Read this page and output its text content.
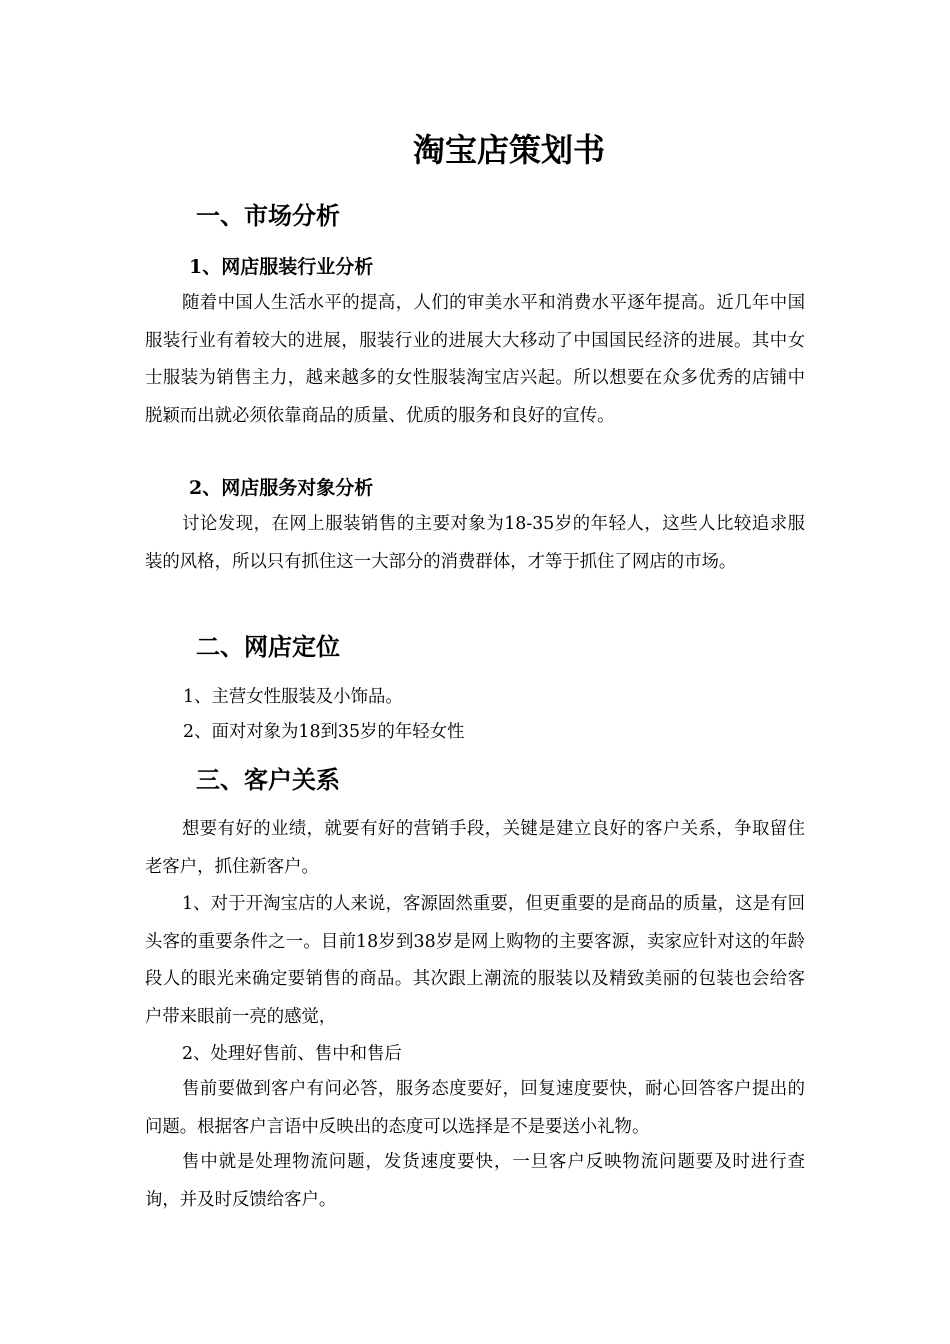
淘宝店策划书
一、市场分析
1、网店服装行业分析

随着中国人生活水平的提高，人们的审美水平和消费水平逐年提高。近几年中国服装行业有着较大的进展，服装行业的进展大大移动了中国国民经济的进展。其中女士服装为销售主力，越来越多的女性服装淘宝店兴起。所以想要在众多优秀的店铺中脱颖而出就必须依靠商品的质量、优质的服务和良好的宣传。

2、网店服务对象分析

讨论发现，在网上服装销售的主要对象为18-35岁的年轻人，这些人比较追求服装的风格，所以只有抓住这一大部分的消费群体，才等于抓住了网店的市场。

二、网店定位

1、主营女性服装及小饰品。

2、面对对象为18到35岁的年轻女性

三、客户关系

想要有好的业绩，就要有好的营销手段，关键是建立良好的客户关系，争取留住老客户，抓住新客户。

1、对于开淘宝店的人来说，客源固然重要，但更重要的是商品的质量，这是有回头客的重要条件之一。目前18岁到38岁是网上购物的主要客源，卖家应针对这的年龄段人的眼光来确定要销售的商品。其次跟上潮流的服装以及精致美丽的包装也会给客户带来眼前一亮的感觉，

2、处理好售前、售中和售后

售前要做到客户有问必答，服务态度要好，回复速度要快，耐心回答客户提出的问题。根据客户言语中反映出的态度可以选择是不是要送小礼物。

售中就是处理物流问题，发货速度要快，一旦客户反映物流问题要及时进行查询，并及时反馈给客户。
